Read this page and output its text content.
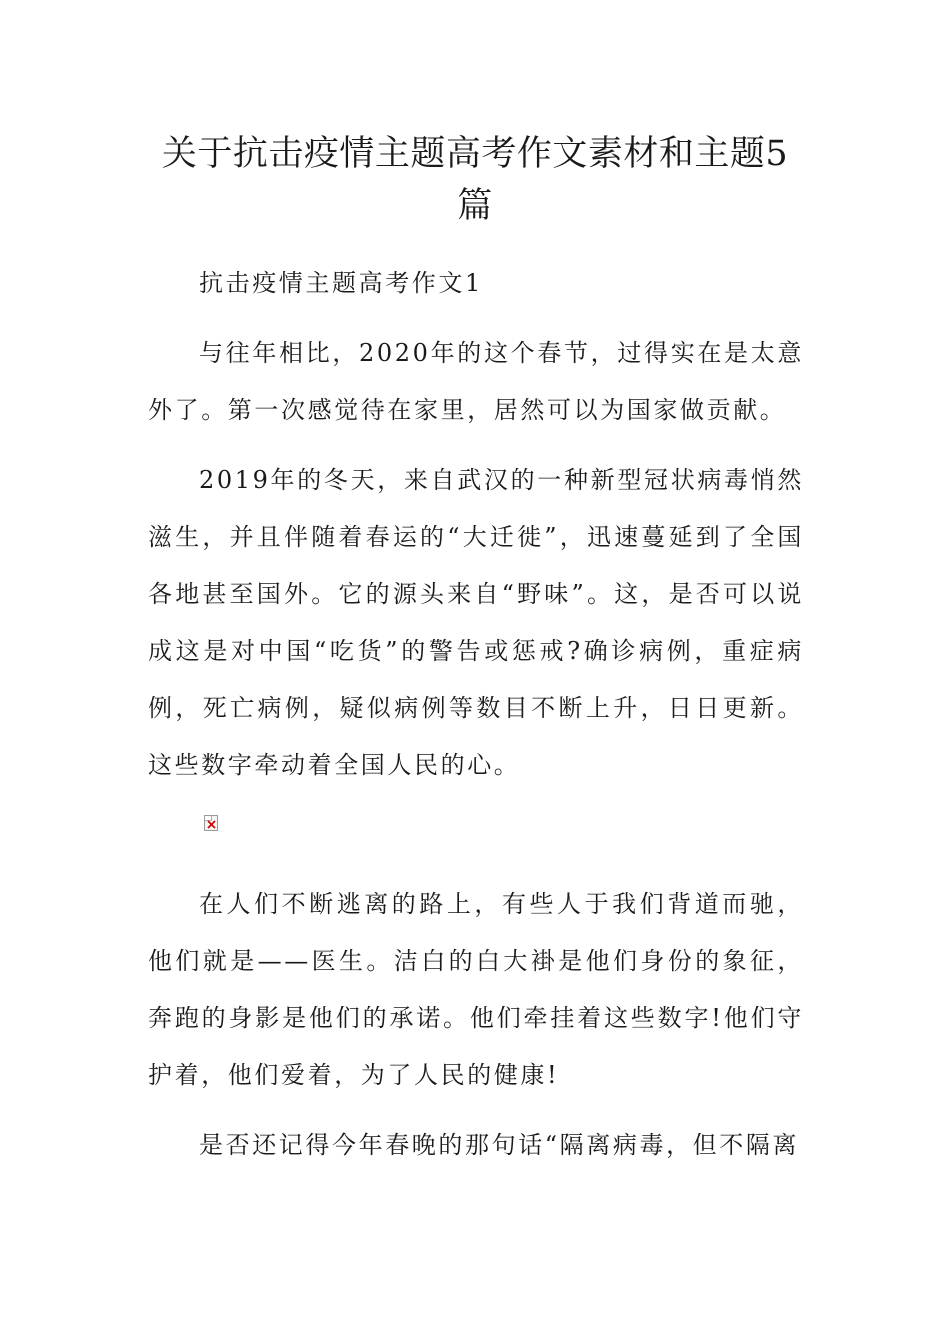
关于抗击疫情主题高考作文素材和主题5篇

抗击疫情主题高考作文1

与往年相比，2020年的这个春节，过得实在是太意外了。第一次感觉待在家里，居然可以为国家做贡献。

2019年的冬天，来自武汉的一种新型冠状病毒悄然滋生，并且伴随着春运的“大迁徙”，迅速蔓延到了全国各地甚至国外。它的源头来自“野味”。这，是否可以说成这是对中国“吃货”的警告或惩戒?确诊病例，重症病例，死亡病例，疑似病例等数目不断上升，日日更新。这些数字牵动着全国人民的心。

在人们不断逃离的路上，有些人于我们背道而驰，他们就是——医生。洁白的白大褂是他们身份的象征，奔跑的身影是他们的承诺。他们牵挂着这些数字!他们守护着，他们爱着，为了人民的健康!

是否还记得今年春晚的那句话“隔离病毒，但不隔离
